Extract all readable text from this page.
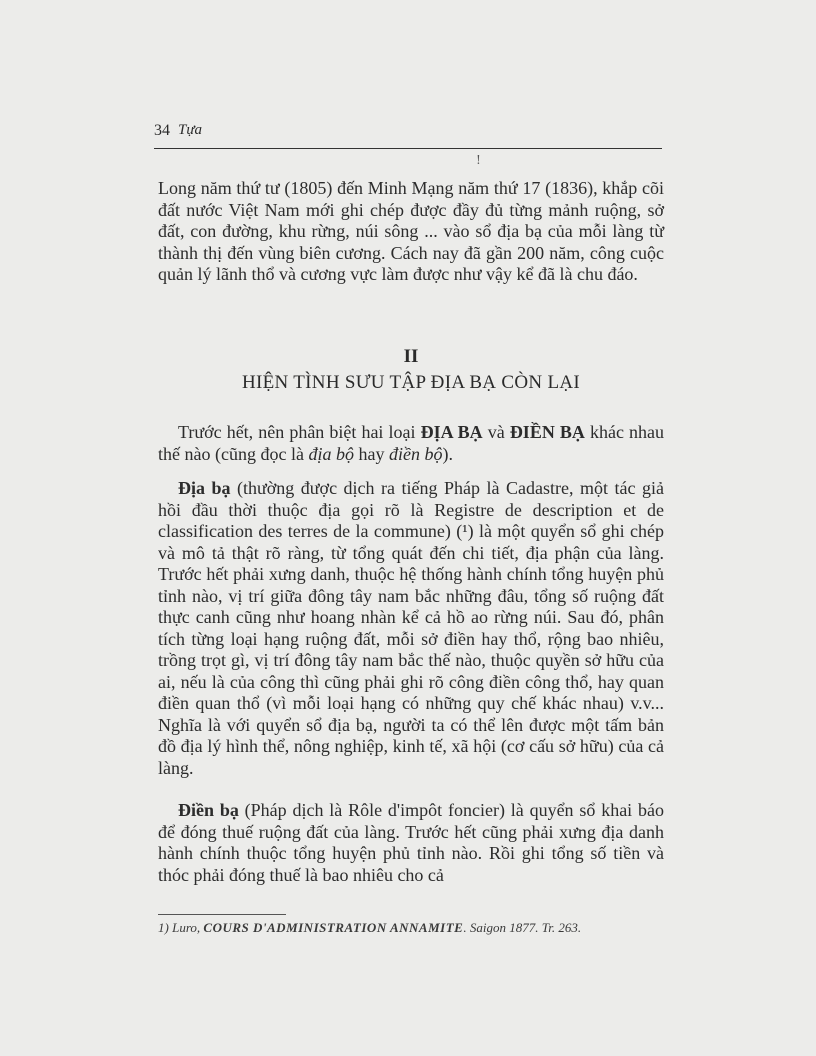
34 Tựa
!

Long năm thứ tư (1805) đến Minh Mạng năm thứ 17 (1836), khắp cõi đất nước Việt Nam mới ghi chép được đầy đủ từng mảnh ruộng, sở đất, con đường, khu rừng, núi sông ... vào sổ địa bạ của mỗi làng từ thành thị đến vùng biên cương. Cách nay đã gần 200 năm, công cuộc quản lý lãnh thổ và cương vực làm được như vậy kể đã là chu đáo.

II
HIỆN TÌNH SƯU TẬP ĐỊA BẠ CÒN LẠI

Trước hết, nên phân biệt hai loại ĐỊA BẠ và ĐIỀN BẠ khác nhau thế nào (cũng đọc là địa bộ hay điền bộ).

Địa bạ (thường được dịch ra tiếng Pháp là Cadastre, một tác giả hồi đầu thời thuộc địa gọi rõ là Registre de description et de classification des terres de la commune) (¹) là một quyển sổ ghi chép và mô tả thật rõ ràng, từ tổng quát đến chi tiết, địa phận của làng. Trước hết phải xưng danh, thuộc hệ thống hành chính tổng huyện phủ tỉnh nào, vị trí giữa đông tây nam bắc những đâu, tổng số ruộng đất thực canh cũng như hoang nhàn kể cả hồ ao rừng núi. Sau đó, phân tích từng loại hạng ruộng đất, mỗi sở điền hay thổ, rộng bao nhiêu, trồng trọt gì, vị trí đông tây nam bắc thế nào, thuộc quyền sở hữu của ai, nếu là của công thì cũng phải ghi rõ công điền công thổ, hay quan điền quan thổ (vì mỗi loại hạng có những quy chế khác nhau) v.v... Nghĩa là với quyển sổ địa bạ, người ta có thể lên được một tấm bản đồ địa lý hình thể, nông nghiệp, kinh tế, xã hội (cơ cấu sở hữu) của cả làng.

Điền bạ (Pháp dịch là Rôle d'impôt foncier) là quyển sổ khai báo để đóng thuế ruộng đất của làng. Trước hết cũng phải xưng địa danh hành chính thuộc tổng huyện phủ tỉnh nào. Rồi ghi tổng số tiền và thóc phải đóng thuế là bao nhiêu cho cả

1) Luro, COURS D'ADMINISTRATION ANNAMITE. Saigon 1877. Tr. 263.
